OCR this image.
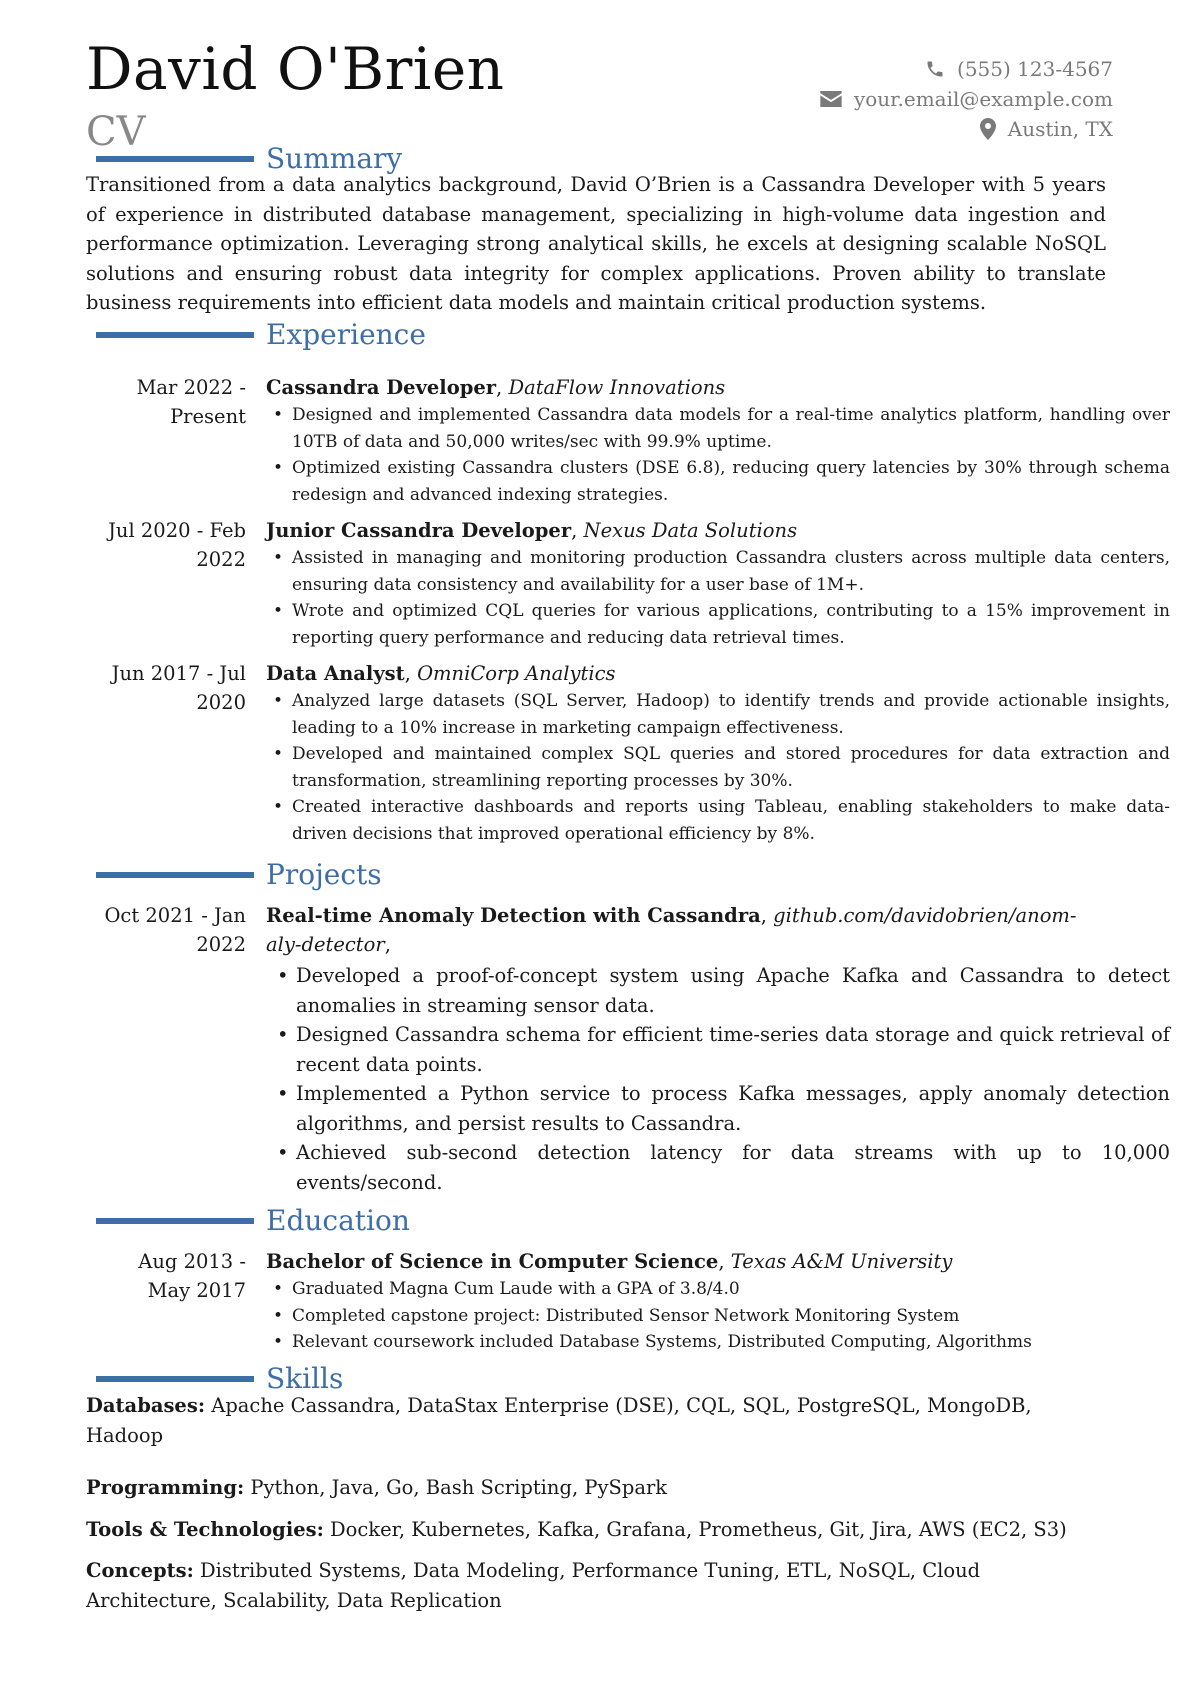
David O'Brien
CV
(555) 123-4567
your.email@example.com
Austin, TX
Summary
Transitioned from a data analytics background, David O’Brien is a Cassandra Developer with 5 years of experience in distributed database management, specializing in high-volume data ingestion and performance optimization. Leveraging strong analytical skills, he excels at designing scalable NoSQL solutions and ensuring robust data integrity for complex applications. Proven ability to translate business requirements into efficient data models and maintain critical production systems.
Experience
Mar 2022 -
Present
Cassandra Developer, DataFlow Innovations
• Designed and implemented Cassandra data models for a real-time analytics platform, handling over 10TB of data and 50,000 writes/sec with 99.9% uptime.
• Optimized existing Cassandra clusters (DSE 6.8), reducing query latencies by 30% through schema redesign and advanced indexing strategies.
Jul 2020 - Feb
2022
Junior Cassandra Developer, Nexus Data Solutions
• Assisted in managing and monitoring production Cassandra clusters across multiple data centers, ensuring data consistency and availability for a user base of 1M+.
• Wrote and optimized CQL queries for various applications, contributing to a 15% improvement in reporting query performance and reducing data retrieval times.
Jun 2017 - Jul
2020
Data Analyst, OmniCorp Analytics
• Analyzed large datasets (SQL Server, Hadoop) to identify trends and provide actionable insights, leading to a 10% increase in marketing campaign effectiveness.
• Developed and maintained complex SQL queries and stored procedures for data extraction and transformation, streamlining reporting processes by 30%.
• Created interactive dashboards and reports using Tableau, enabling stakeholders to make data-driven decisions that improved operational efficiency by 8%.
Projects
Oct 2021 - Jan
2022
Real-time Anomaly Detection with Cassandra, github.com/davidobrien/anom-
aly-detector,
• Developed a proof-of-concept system using Apache Kafka and Cassandra to detect anomalies in streaming sensor data.
• Designed Cassandra schema for efficient time-series data storage and quick retrieval of recent data points.
• Implemented a Python service to process Kafka messages, apply anomaly detection algorithms, and persist results to Cassandra.
• Achieved sub-second detection latency for data streams with up to 10,000 events/second.
Education
Aug 2013 -
May 2017
Bachelor of Science in Computer Science, Texas A&M University
• Graduated Magna Cum Laude with a GPA of 3.8/4.0
• Completed capstone project: Distributed Sensor Network Monitoring System
• Relevant coursework included Database Systems, Distributed Computing, Algorithms
Skills
Databases: Apache Cassandra, DataStax Enterprise (DSE), CQL, SQL, PostgreSQL, MongoDB, Hadoop
Programming: Python, Java, Go, Bash Scripting, PySpark
Tools & Technologies: Docker, Kubernetes, Kafka, Grafana, Prometheus, Git, Jira, AWS (EC2, S3)
Concepts: Distributed Systems, Data Modeling, Performance Tuning, ETL, NoSQL, Cloud Architecture, Scalability, Data Replication
